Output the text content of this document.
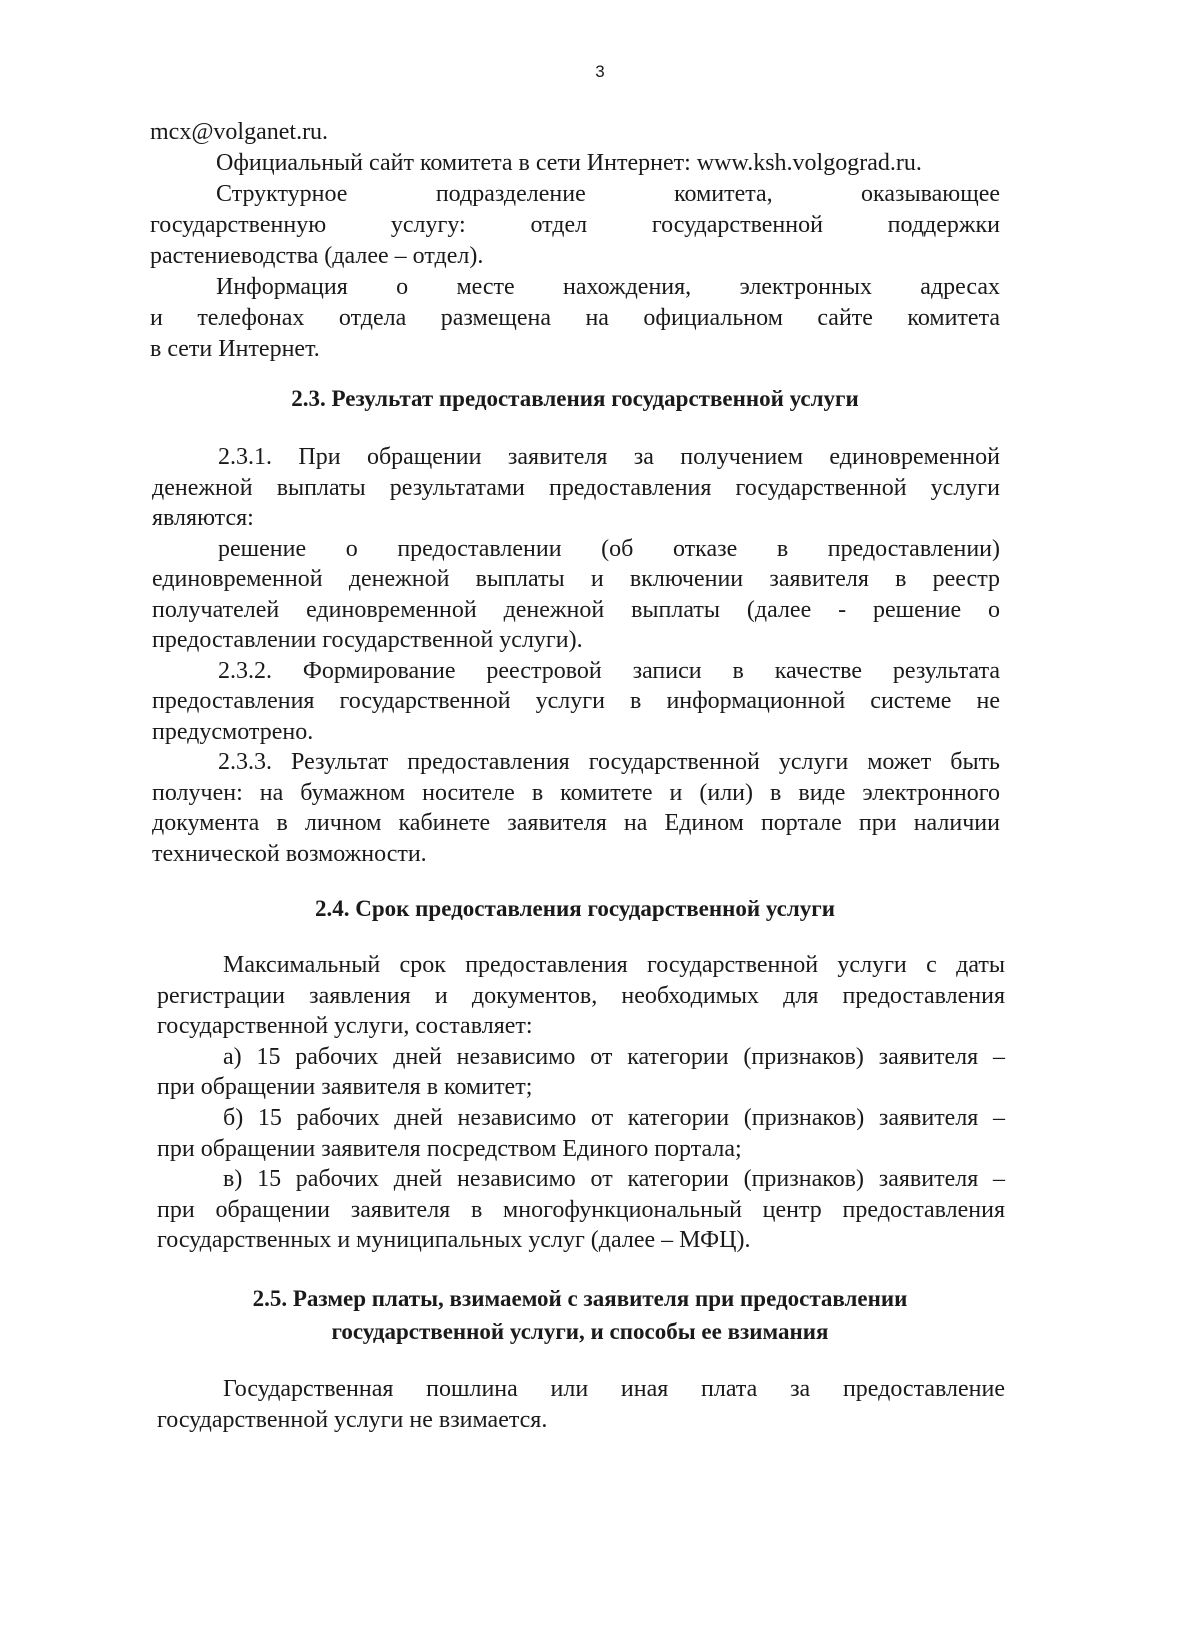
3
mcx@volganet.ru.
Официальный сайт комитета в сети Интернет: www.ksh.volgograd.ru.
Структурное подразделение комитета, оказывающее
государственную услугу: отдел государственной поддержки
растениеводства (далее – отдел).
Информация о месте нахождения, электронных адресах
и телефонах отдела размещена на официальном сайте комитета
в сети Интернет.
2.3. Результат предоставления государственной услуги
2.3.1. При обращении заявителя за получением единовременной
денежной выплаты результатами предоставления государственной услуги
являются:
решение о предоставлении (об отказе в предоставлении)
единовременной денежной выплаты и включении заявителя в реестр
получателей единовременной денежной выплаты (далее - решение о
предоставлении государственной услуги).
2.3.2. Формирование реестровой записи в качестве результата
предоставления государственной услуги в информационной системе не
предусмотрено.
2.3.3. Результат предоставления государственной услуги может быть
получен: на бумажном носителе в комитете и (или) в виде электронного
документа в личном кабинете заявителя на Едином портале при наличии
технической возможности.
2.4. Срок предоставления государственной услуги
Максимальный срок предоставления государственной услуги с даты
регистрации заявления и документов, необходимых для предоставления
государственной услуги, составляет:
а) 15 рабочих дней независимо от категории (признаков) заявителя –
при обращении заявителя в комитет;
б) 15 рабочих дней независимо от категории (признаков) заявителя –
при обращении заявителя посредством Единого портала;
в) 15 рабочих дней независимо от категории (признаков) заявителя –
при обращении заявителя в многофункциональный центр предоставления
государственных и муниципальных услуг (далее – МФЦ).
2.5. Размер платы, взимаемой с заявителя при предоставлении
государственной услуги, и способы ее взимания
Государственная пошлина или иная плата за предоставление
государственной услуги не взимается.
